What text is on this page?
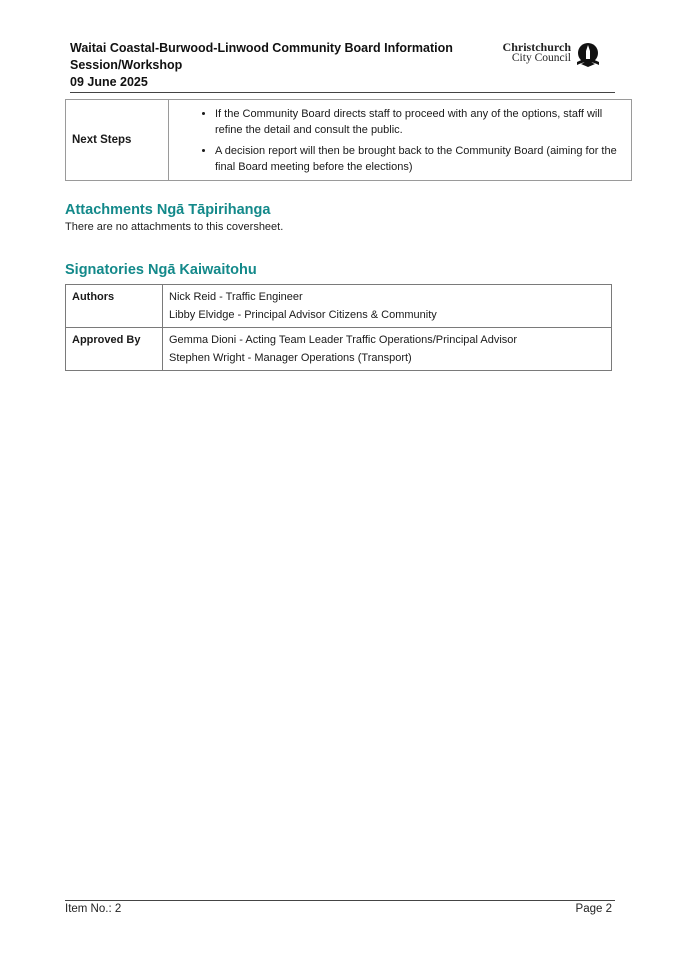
Waitai Coastal-Burwood-Linwood Community Board Information
Session/Workshop
09 June 2025
Christchurch
City Council
Next Steps	
• If the Community Board directs staff to proceed with any of the options, staff will refine the detail and consult the public.
• A decision report will then be brought back to the Community Board (aiming for the final Board meeting before the elections)
Attachments Ngā Tāpirihanga
There are no attachments to this coversheet.
Signatories Ngā Kaiwaitohu
Authors	Nick Reid - Traffic Engineer
Libby Elvidge - Principal Advisor Citizens & Community

Approved By	Gemma Dioni - Acting Team Leader Traffic Operations/Principal Advisor
Stephen Wright - Manager Operations (Transport)
Item No.: 2	Page 2
